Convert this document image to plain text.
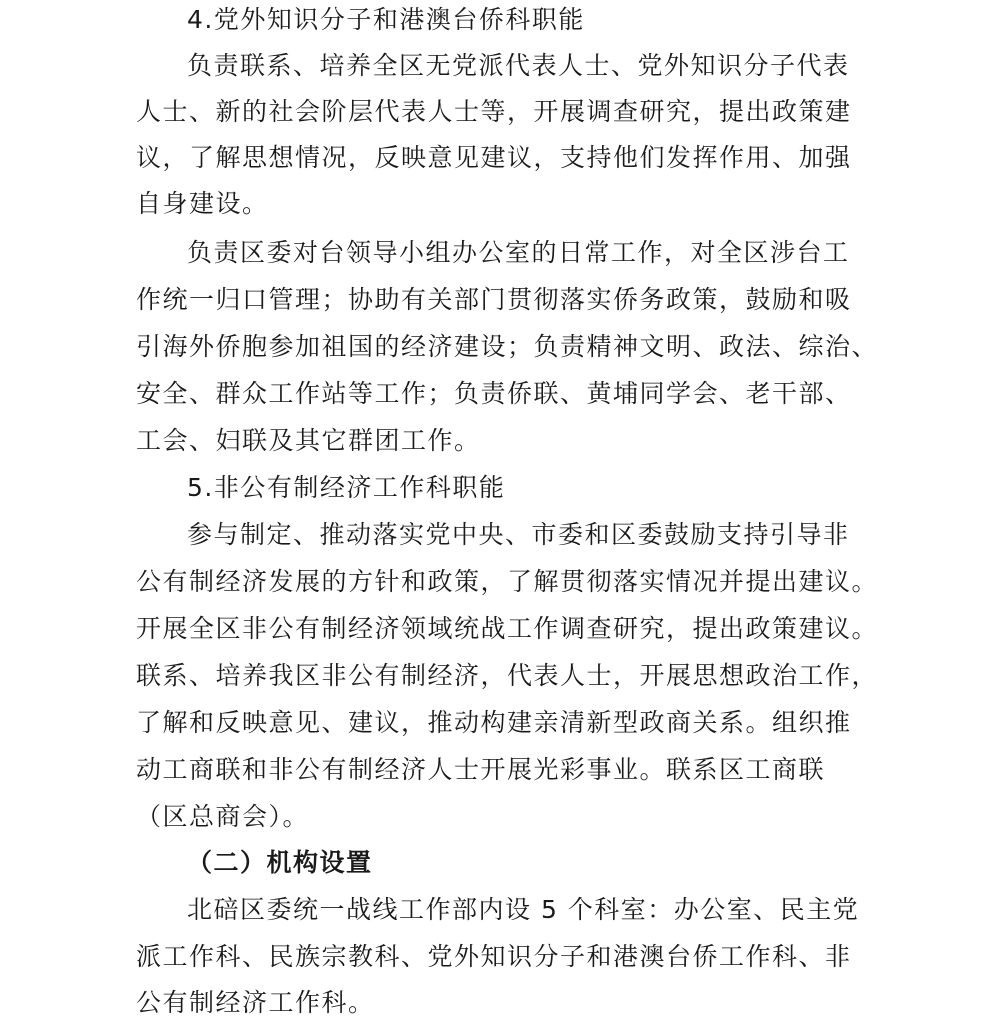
4.党外知识分子和港澳台侨科职能
负责联系、培养全区无党派代表人士、党外知识分子代表
人士、新的社会阶层代表人士等，开展调查研究，提出政策建
议，了解思想情况，反映意见建议，支持他们发挥作用、加强
自身建设。
负责区委对台领导小组办公室的日常工作，对全区涉台工
作统一归口管理；协助有关部门贯彻落实侨务政策，鼓励和吸
引海外侨胞参加祖国的经济建设；负责精神文明、政法、综治、
安全、群众工作站等工作；负责侨联、黄埔同学会、老干部、
工会、妇联及其它群团工作。
5.非公有制经济工作科职能
参与制定、推动落实党中央、市委和区委鼓励支持引导非
公有制经济发展的方针和政策，了解贯彻落实情况并提出建议。
开展全区非公有制经济领域统战工作调查研究，提出政策建议。
联系、培养我区非公有制经济，代表人士，开展思想政治工作，
了解和反映意见、建议，推动构建亲清新型政商关系。组织推
动工商联和非公有制经济人士开展光彩事业。联系区工商联
（区总商会）。
（二）机构设置
北碚区委统一战线工作部内设 5 个科室：办公室、民主党
派工作科、民族宗教科、党外知识分子和港澳台侨工作科、非
公有制经济工作科。
